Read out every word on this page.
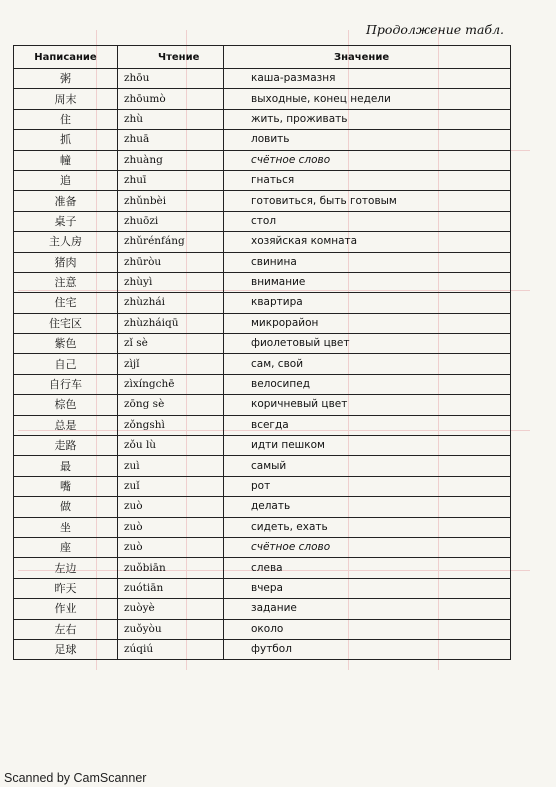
Продолжение табл.
Написание	Чтение	Значение
粥	zhōu	каша-размазня
周末	zhōumò	выходные, конец недели
住	zhù	жить, проживать
抓	zhuā	ловить
幢	zhuàng	счётное слово
追	zhuī	гнаться
准备	zhǔnbèi	готовиться, быть готовым
桌子	zhuōzi	стол
主人房	zhǔrénfáng	хозяйская комната
猪肉	zhūròu	свинина
注意	zhùyì	внимание
住宅	zhùzhái	квартира
住宅区	zhùzháiqū	микрорайон
紫色	zǐ sè	фиолетовый цвет
自己	zìjǐ	сам, свой
自行车	zìxíngchē	велосипед
棕色	zōng sè	коричневый цвет
总是	zǒngshì	всегда
走路	zǒu lù	идти пешком
最	zuì	самый
嘴	zuǐ	рот
做	zuò	делать
坐	zuò	сидеть, ехать
座	zuò	счётное слово
左边	zuǒbiān	слева
昨天	zuótiān	вчера
作业	zuòyè	задание
左右	zuǒyòu	около
足球	zúqiú	футбол
Scanned by CamScanner
